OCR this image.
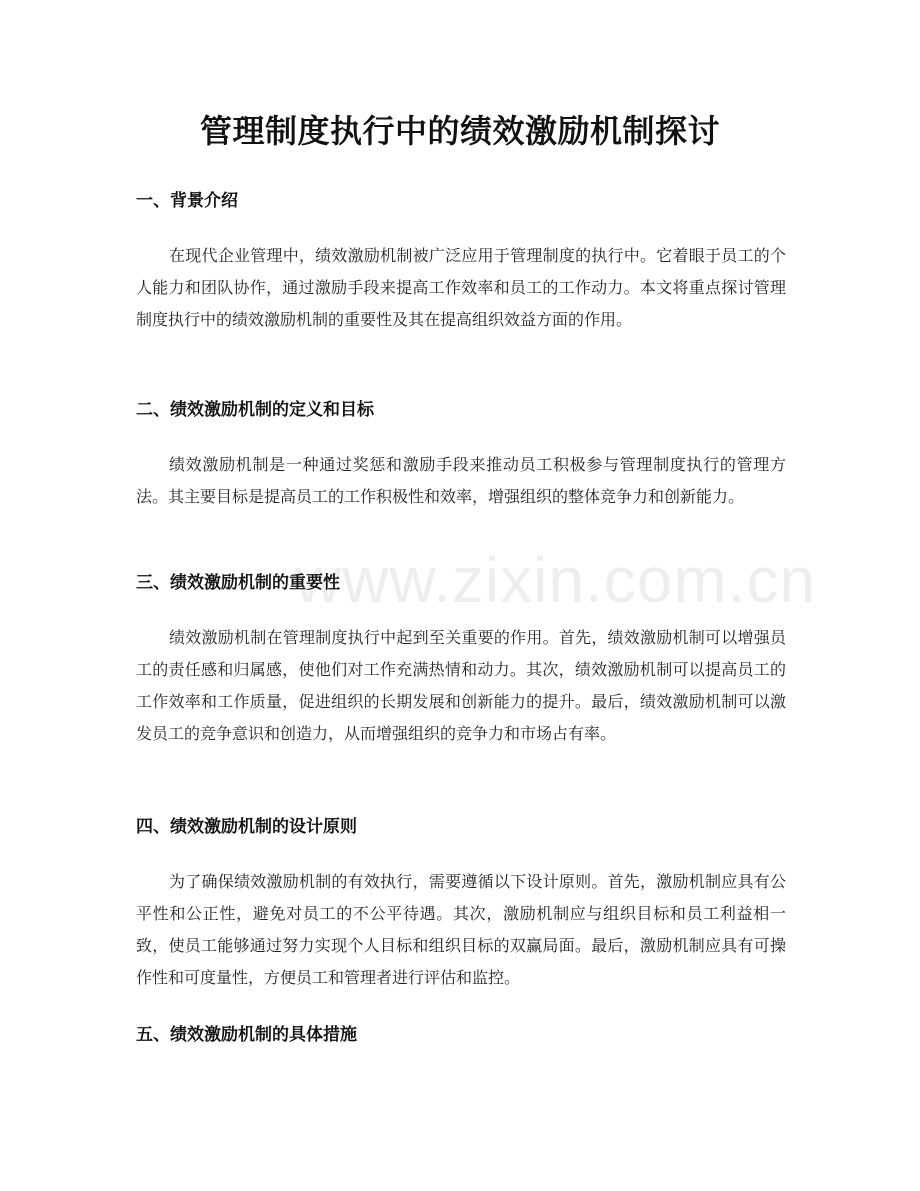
www.zixin.com.cn
管理制度执行中的绩效激励机制探讨
一、背景介绍

在现代企业管理中，绩效激励机制被广泛应用于管理制度的执行中。它着眼于员工的个人能力和团队协作，通过激励手段来提高工作效率和员工的工作动力。本文将重点探讨管理制度执行中的绩效激励机制的重要性及其在提高组织效益方面的作用。

二、绩效激励机制的定义和目标

绩效激励机制是一种通过奖惩和激励手段来推动员工积极参与管理制度执行的管理方法。其主要目标是提高员工的工作积极性和效率，增强组织的整体竞争力和创新能力。

三、绩效激励机制的重要性

绩效激励机制在管理制度执行中起到至关重要的作用。首先，绩效激励机制可以增强员工的责任感和归属感，使他们对工作充满热情和动力。其次，绩效激励机制可以提高员工的工作效率和工作质量，促进组织的长期发展和创新能力的提升。最后，绩效激励机制可以激发员工的竞争意识和创造力，从而增强组织的竞争力和市场占有率。

四、绩效激励机制的设计原则

为了确保绩效激励机制的有效执行，需要遵循以下设计原则。首先，激励机制应具有公平性和公正性，避免对员工的不公平待遇。其次，激励机制应与组织目标和员工利益相一致，使员工能够通过努力实现个人目标和组织目标的双赢局面。最后，激励机制应具有可操作性和可度量性，方便员工和管理者进行评估和监控。

五、绩效激励机制的具体措施
